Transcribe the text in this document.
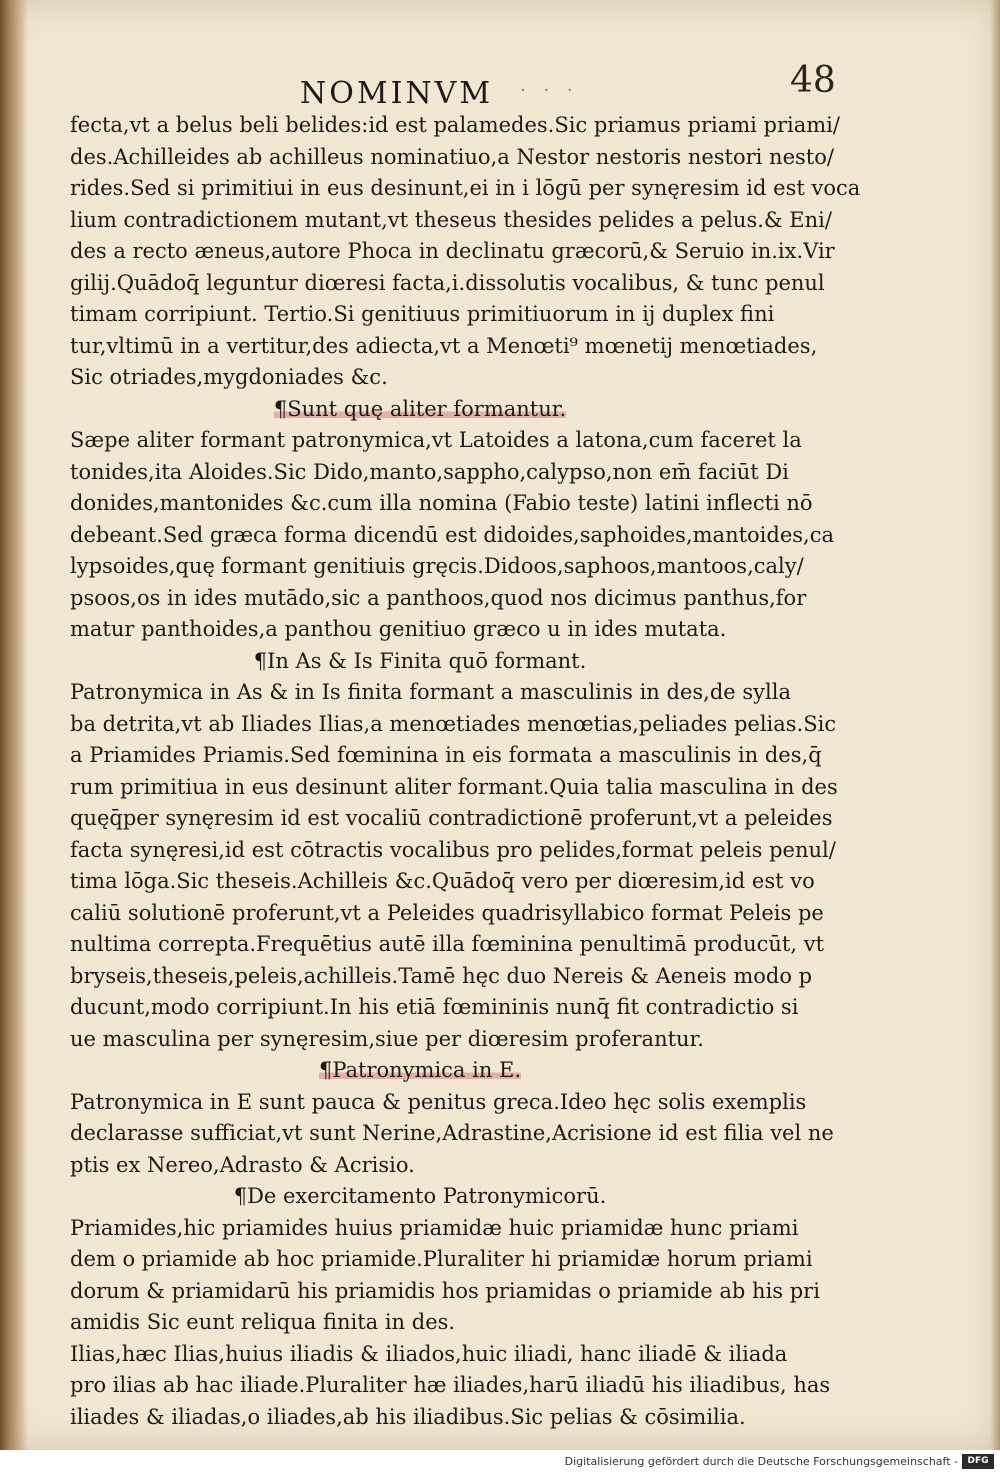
NOMINVM	· · ·	48
fecta,vt a belus beli belides:id est palamedes.Sic priamus priami priami/
des.Achilleides ab achilleus nominatiuo,a Nestor nestoris nestori nesto/
rides.Sed si primitiui in eus desinunt,ei in i lōgū per synęresim id est voca
lium contradictionem mutant,vt theseus thesides pelides a pelus.& Eni/
des a recto æneus,autore Phoca in declinatu græcorū,& Seruio in.ix.Vir
gilij.Quādoq̄ leguntur diœresi facta,i.dissolutis vocalibus, & tunc penul
timam corripiunt. Tertio.Si genitiuus primitiuorum in ij duplex fini
tur,vltimū in a vertitur,des adiecta,vt a Menœti⁹ mœnetij menœtiades,
Sic otriades,mygdoniades &c.
¶Sunt quę aliter formantur.
Sæpe aliter formant patronymica,vt Latoides a latona,cum faceret la
tonides,ita Aloides.Sic Dido,manto,sappho,calypso,non em̄ faciūt Di
donides,mantonides &c.cum illa nomina (Fabio teste) latini inflecti nō
debeant.Sed græca forma dicendū est didoides,saphoides,mantoides,ca
lypsoides,quę formant genitiuis gręcis.Didoos,saphoos,mantoos,caly/
psoos,os in ides mutādo,sic a panthoos,quod nos dicimus panthus,for
matur panthoides,a panthou genitiuo græco u in ides mutata.
¶In As & Is Finita quō formant.
Patronymica in As & in Is finita formant a masculinis in des,de sylla
ba detrita,vt ab Iliades Ilias,a menœtiades menœtias,peliades pelias.Sic
a Priamides Priamis.Sed fœminina in eis formata a masculinis in des,q̄
rum primitiua in eus desinunt aliter formant.Quia talia masculina in des
quęq̄per synęresim id est vocaliū contradictionē proferunt,vt a peleides
facta synęresi,id est cōtractis vocalibus pro pelides,format peleis penul/
tima lōga.Sic theseis.Achilleis &c.Quādoq̄ vero per diœresim,id est vo
caliū solutionē proferunt,vt a Peleides quadrisyllabico format Peleis pe
nultima correpta.Frequētius autē illa fœminina penultimā producūt, vt
bryseis,theseis,peleis,achilleis.Tamē hęc duo Nereis & Aeneis modo p
ducunt,modo corripiunt.In his etiā fœmininis nunq̄ fit contradictio si
ue masculina per synęresim,siue per diœresim proferantur.
¶Patronymica in E.
Patronymica in E sunt pauca & penitus greca.Ideo hęc solis exemplis
declarasse sufficiat,vt sunt Nerine,Adrastine,Acrisione id est filia vel ne
ptis ex Nereo,Adrasto & Acrisio.
¶De exercitamento Patronymicorū.
Priamides,hic priamides huius priamidæ huic priamidæ hunc priami
dem o priamide ab hoc priamide.Pluraliter hi priamidæ horum priami
dorum & priamidarū his priamidis hos priamidas o priamide ab his pri
amidis Sic eunt reliqua finita in des.
Ilias,hæc Ilias,huius iliadis & iliados,huic iliadi, hanc iliadē & iliada
pro ilias ab hac iliade.Pluraliter hæ iliades,harū iliadū his iliadibus, has
iliades & iliadas,o iliades,ab his iliadibus.Sic pelias & cōsimilia.
Digitalisierung gefördert durch die Deutsche Forschungsgemeinschaft -	DFG
